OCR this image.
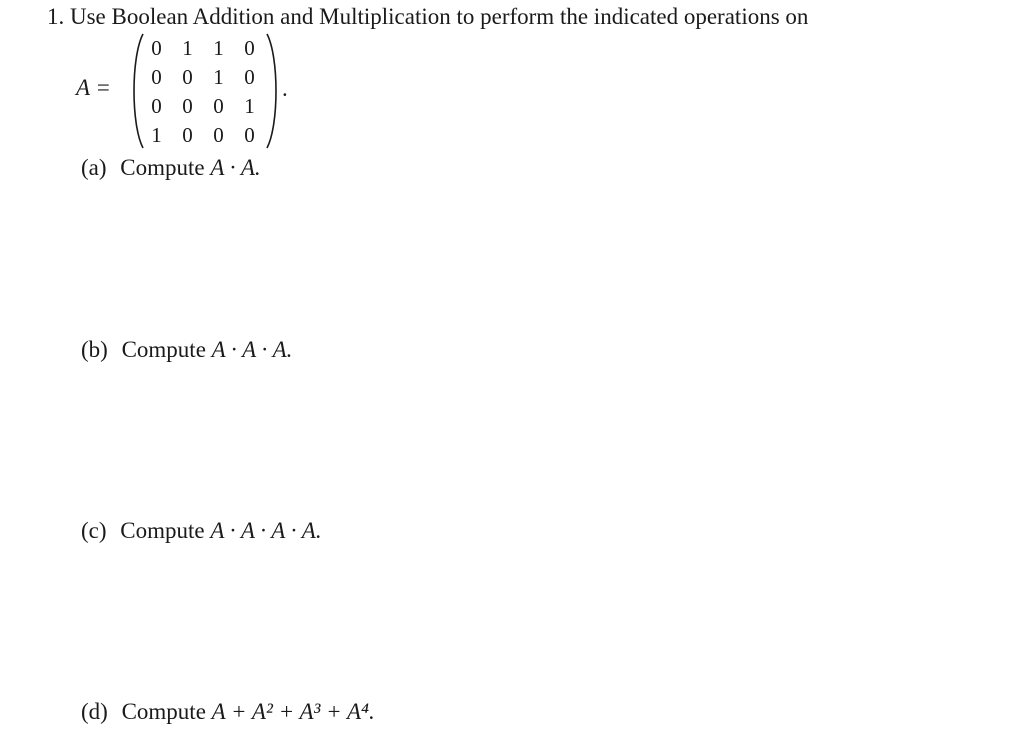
1. Use Boolean Addition and Multiplication to perform the indicated operations on
A =
0 1 1 0
0 0 1 0
0 0 0 1
1 0 0 0
.
(a) Compute A · A.
(b) Compute A · A · A.
(c) Compute A · A · A · A.
(d) Compute A + A² + A³ + A⁴.
